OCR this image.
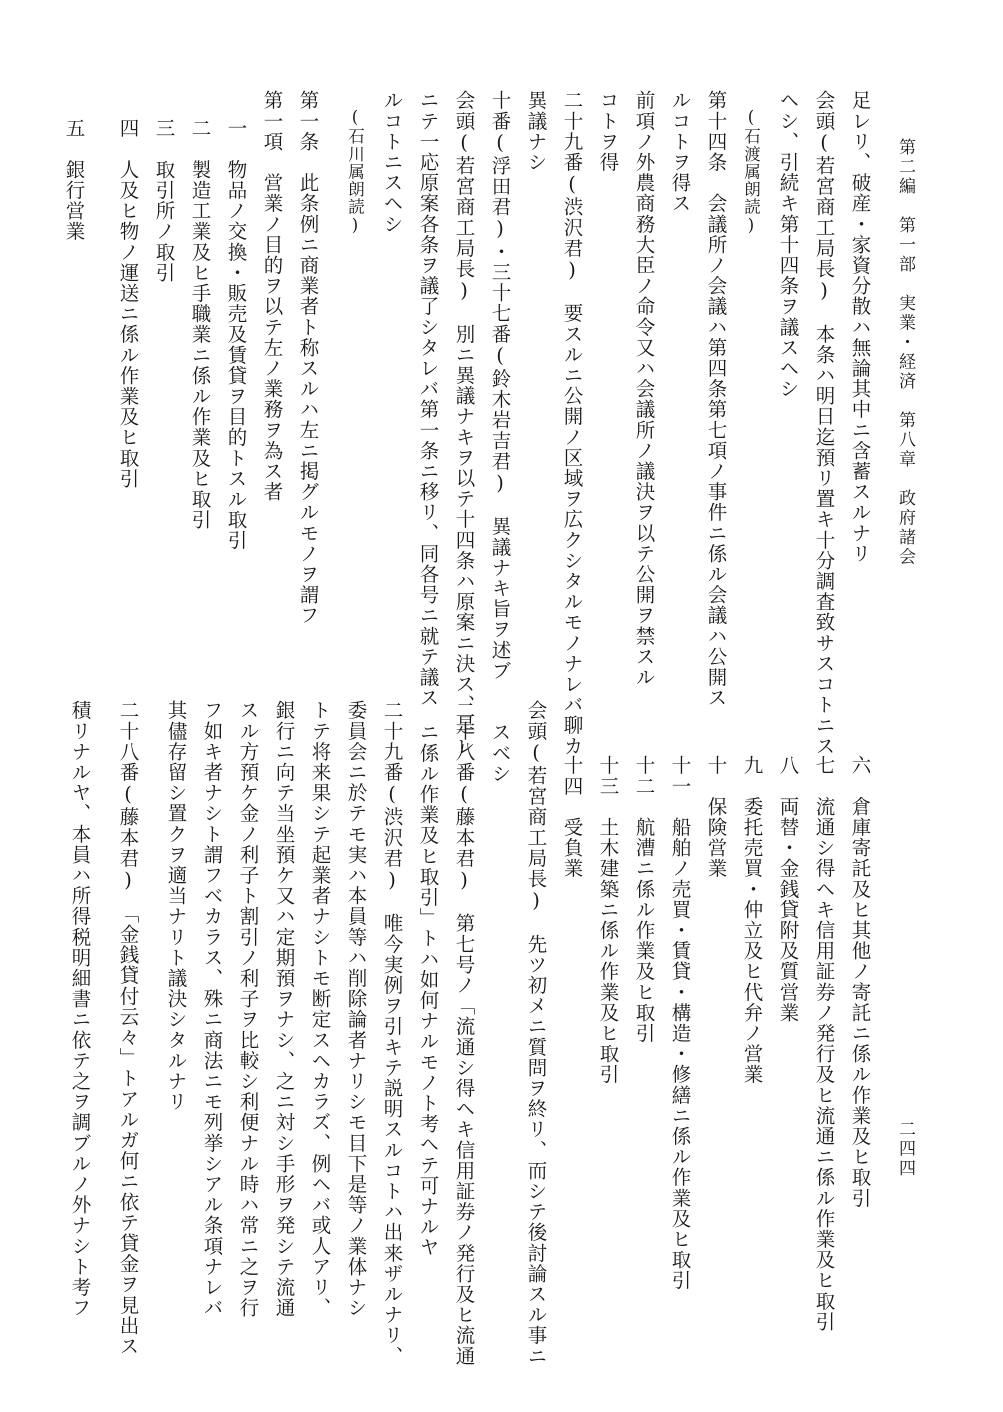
第二編　第一部　実業・経済　第八章　政府諸会
二四四
足レリ、破産・家資分散ハ無論其中ニ含蓄スルナリ
会頭(若宮商工局長)　本条ハ明日迄預リ置キ十分調査致サスコトニス
ヘシ、引続キ第十四条ヲ議スヘシ
　(石渡属朗読)
第十四条　会議所ノ会議ハ第四条第七項ノ事件ニ係ル会議ハ公開ス
ルコトヲ得ス
前項ノ外農商務大臣ノ命令又ハ会議所ノ議決ヲ以テ公開ヲ禁スル
コトヲ得
二十九番(渋沢君)　要スルニ公開ノ区域ヲ広クシタルモノナレバ聊カ
異議ナシ
十番(浮田君)・三十七番(鈴木岩吉君)　異議ナキ旨ヲ述ブ
会頭(若宮商工局長)　別ニ異議ナキヲ以テ十四条ハ原案ニ決ス、是レ
ニテ一応原案各条ヲ議了シタレバ第一条ニ移リ、同各号ニ就テ議ス
ルコトニスヘシ
　(石川属朗読)
第一条　此条例ニ商業者ト称スルハ左ニ掲グルモノヲ謂フ
第一項　営業ノ目的ヲ以テ左ノ業務ヲ為ス者
一　物品ノ交換・販売及賃貸ヲ目的トスル取引
二　製造工業及ヒ手職業ニ係ル作業及ヒ取引
三　取引所ノ取引
四　人及ヒ物ノ運送ニ係ル作業及ヒ取引
五　銀行営業
六　倉庫寄託及ヒ其他ノ寄託ニ係ル作業及ヒ取引
七　流通シ得ヘキ信用証券ノ発行及ヒ流通ニ係ル作業及ヒ取引
八　両替・金銭貸附及質営業
九　委托売買・仲立及ヒ代弁ノ営業
十　保険営業
十一　船舶ノ売買・賃貸・構造・修繕ニ係ル作業及ヒ取引
十二　航漕ニ係ル作業及ヒ取引
十三　土木建築ニ係ル作業及ヒ取引
十四　受負業
会頭(若宮商工局長)　先ツ初メニ質問ヲ終リ、而シテ後討論スル事ニ
スベシ
二十八番(藤本君)　第七号ノ「流通シ得ヘキ信用証券ノ発行及ヒ流通
ニ係ル作業及ヒ取引」トハ如何ナルモノト考ヘテ可ナルヤ
二十九番(渋沢君)　唯今実例ヲ引キテ説明スルコトハ出来ザルナリ、
委員会ニ於テモ実ハ本員等ハ削除論者ナリシモ目下是等ノ業体ナシ
トテ将来果シテ起業者ナシトモ断定スヘカラズ、例ヘバ或人アリ、
銀行ニ向テ当坐預ケ又ハ定期預ヲナシ、之ニ対シ手形ヲ発シテ流通
スル方預ケ金ノ利子ト割引ノ利子ヲ比較シ利便ナル時ハ常ニ之ヲ行
フ如キ者ナシト謂フベカラス、殊ニ商法ニモ列挙シアル条項ナレバ
其儘存留シ置クヲ適当ナリト議決シタルナリ
二十八番(藤本君)　「金銭貸付云々」トアルガ何ニ依テ貸金ヲ見出ス
積リナルヤ、本員ハ所得税明細書ニ依テ之ヲ調ブルノ外ナシト考フ
